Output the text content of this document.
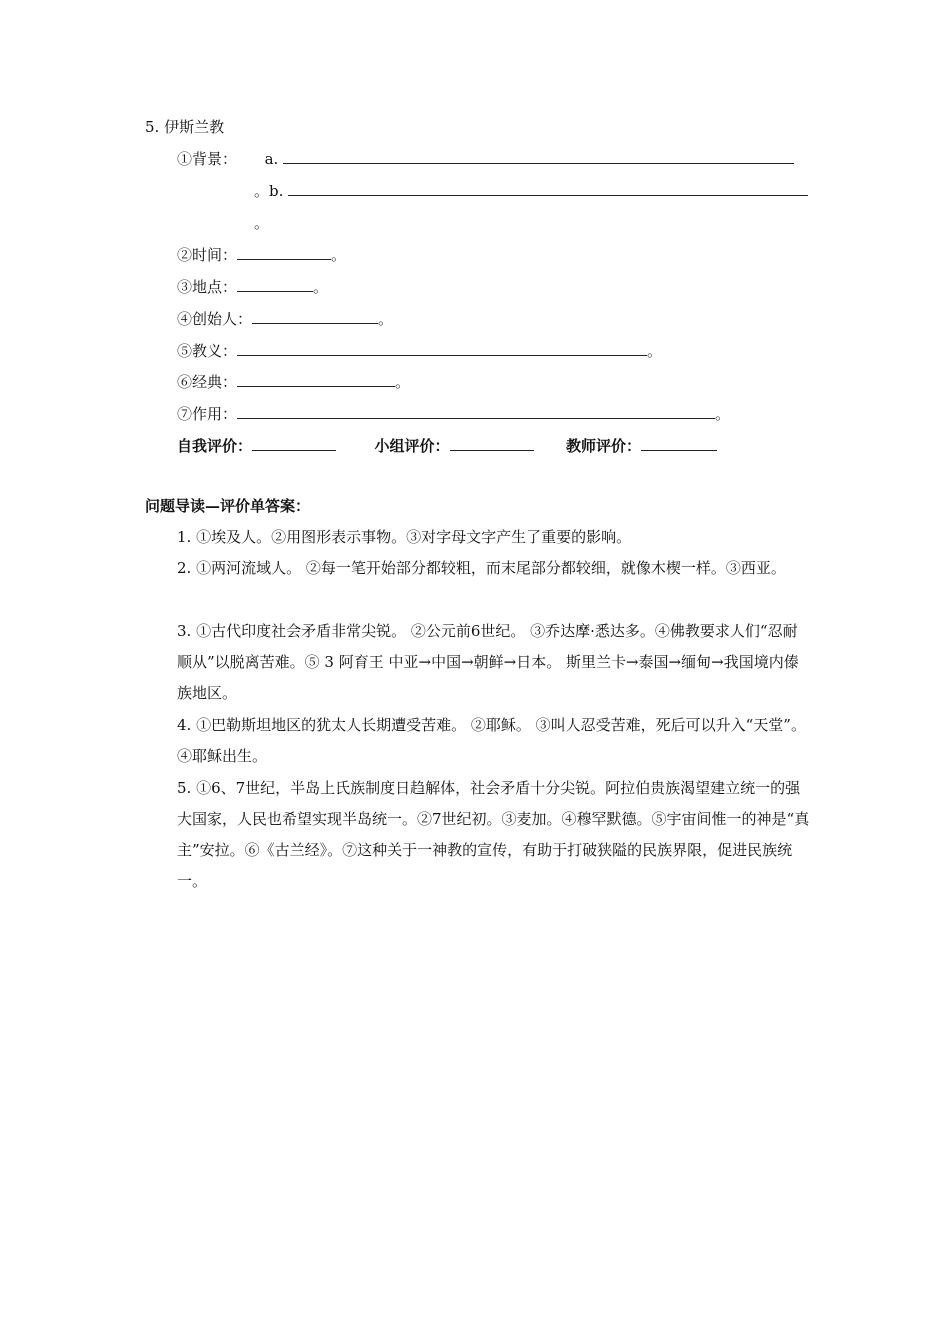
5. 伊斯兰教
①背景： a.
。b.
。
②时间：	。
③地点：	。
④创始人：	。
⑤教义：	。
⑥经典：	。
⑦作用：	。
自我评价：	小组评价：	教师评价：
问题导读—评价单答案：
1. ①埃及人。②用图形表示事物。③对字母文字产生了重要的影响。
2. ①两河流域人。 ②每一笔开始部分都较粗，而末尾部分都较细，就像木楔一样。③西亚。
3. ①古代印度社会矛盾非常尖锐。 ②公元前6世纪。 ③乔达摩·悉达多。④佛教要求人们“忍耐顺从”以脱离苦难。⑤ 3 阿育王 中亚→中国→朝鲜→日本。 斯里兰卡→泰国→缅甸→我国境内傣族地区。
4. ①巴勒斯坦地区的犹太人长期遭受苦难。 ②耶稣。 ③叫人忍受苦难，死后可以升入“天堂”。 ④耶稣出生。
5. ①6、7世纪，半岛上氏族制度日趋解体，社会矛盾十分尖锐。阿拉伯贵族渴望建立统一的强大国家，人民也希望实现半岛统一。②7世纪初。③麦加。④穆罕默德。⑤宇宙间惟一的神是“真主”安拉。⑥《古兰经》。⑦这种关于一神教的宣传，有助于打破狭隘的民族界限，促进民族统一。
